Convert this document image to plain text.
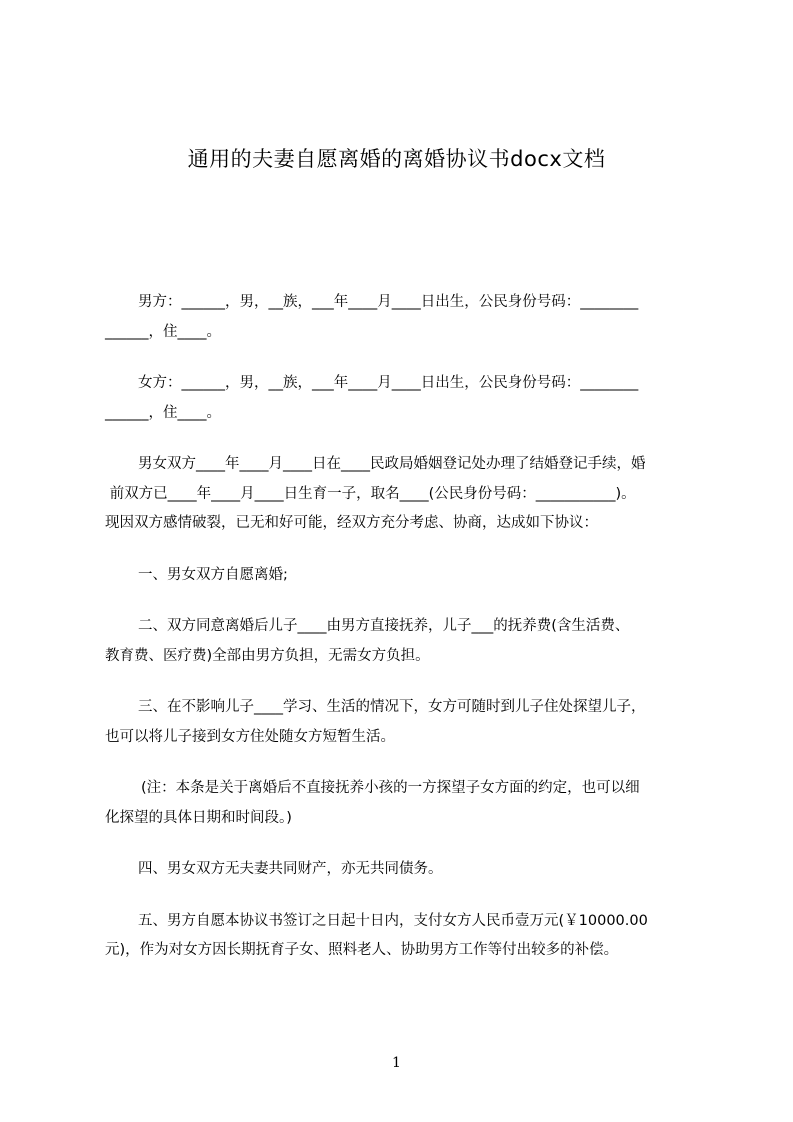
通用的夫妻自愿离婚的离婚协议书docx文档

男方：______，男，__族，___年____月____日出生，公民身份号码：________
______，住____。

女方：______，男，__族，___年____月____日出生，公民身份号码：________
______，住____。

男女双方____年____月____日在____民政局婚姻登记处办理了结婚登记手续，婚
前双方已____年____月____日生育一子，取名____(公民身份号码：___________)。
现因双方感情破裂，已无和好可能，经双方充分考虑、协商，达成如下协议：

一、男女双方自愿离婚;

二、双方同意离婚后儿子____由男方直接抚养，儿子___的抚养费(含生活费、
教育费、医疗费)全部由男方负担，无需女方负担。

三、在不影响儿子____学习、生活的情况下，女方可随时到儿子住处探望儿子，
也可以将儿子接到女方住处随女方短暂生活。

(注：本条是关于离婚后不直接抚养小孩的一方探望子女方面的约定，也可以细
化探望的具体日期和时间段。)

四、男女双方无夫妻共同财产，亦无共同债务。

五、男方自愿本协议书签订之日起十日内，支付女方人民币壹万元(￥10000.00
元)，作为对女方因长期抚育子女、照料老人、协助男方工作等付出较多的补偿。

1
